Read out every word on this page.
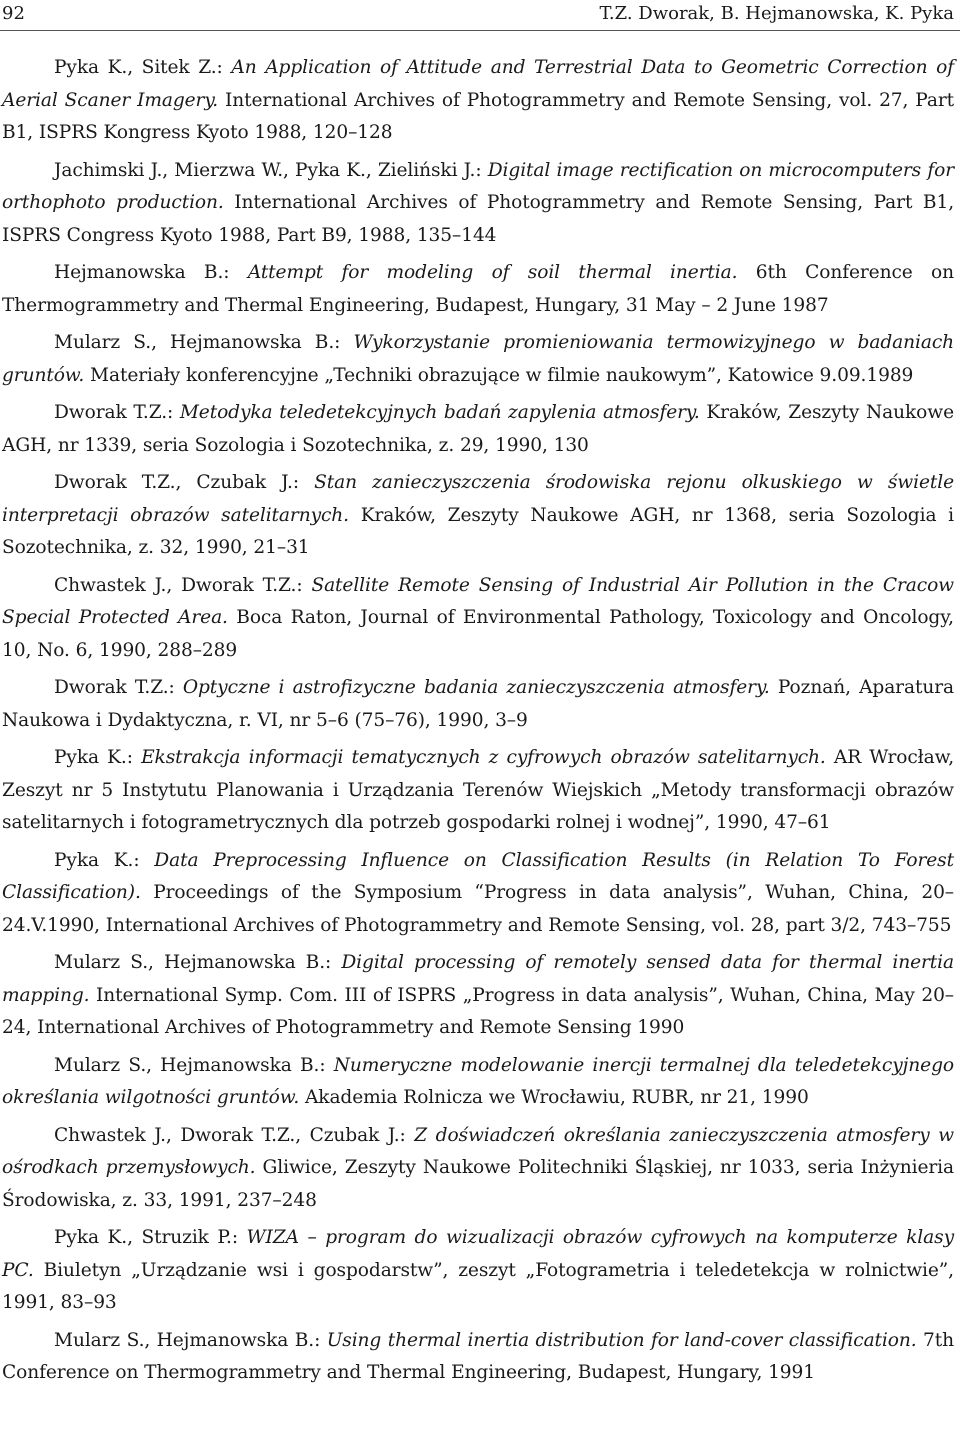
92	T.Z. Dworak, B. Hejmanowska, K. Pyka

Pyka K., Sitek Z.: An Application of Attitude and Terrestrial Data to Geometric Correction of Aerial Scaner Imagery. International Archives of Photogrammetry and Remote Sensing, vol. 27, Part B1, ISPRS Kongress Kyoto 1988, 120–128

Jachimski J., Mierzwa W., Pyka K., Zieliński J.: Digital image rectification on microcomputers for orthophoto production. International Archives of Photogrammetry and Remote Sensing, Part B1, ISPRS Congress Kyoto 1988, Part B9, 1988, 135–144

Hejmanowska B.: Attempt for modeling of soil thermal inertia. 6th Conference on Thermogrammetry and Thermal Engineering, Budapest, Hungary, 31 May – 2 June 1987

Mularz S., Hejmanowska B.: Wykorzystanie promieniowania termowizyjnego w badaniach gruntów. Materiały konferencyjne „Techniki obrazujące w filmie naukowym”, Katowice 9.09.1989

Dworak T.Z.: Metodyka teledetekcyjnych badań zapylenia atmosfery. Kraków, Zeszyty Naukowe AGH, nr 1339, seria Sozologia i Sozotechnika, z. 29, 1990, 130

Dworak T.Z., Czubak J.: Stan zanieczyszczenia środowiska rejonu olkuskiego w świetle interpretacji obrazów satelitarnych. Kraków, Zeszyty Naukowe AGH, nr 1368, seria Sozologia i Sozotechnika, z. 32, 1990, 21–31

Chwastek J., Dworak T.Z.: Satellite Remote Sensing of Industrial Air Pollution in the Cracow Special Protected Area. Boca Raton, Journal of Environmental Pathology, Toxicology and Oncology, 10, No. 6, 1990, 288–289

Dworak T.Z.: Optyczne i astrofizyczne badania zanieczyszczenia atmosfery. Poznań, Aparatura Naukowa i Dydaktyczna, r. VI, nr 5–6 (75–76), 1990, 3–9

Pyka K.: Ekstrakcja informacji tematycznych z cyfrowych obrazów satelitarnych. AR Wrocław, Zeszyt nr 5 Instytutu Planowania i Urządzania Terenów Wiejskich „Metody transformacji obrazów satelitarnych i fotogrametrycznych dla potrzeb gospodarki rolnej i wodnej”, 1990, 47–61

Pyka K.: Data Preprocessing Influence on Classification Results (in Relation To Forest Classification). Proceedings of the Symposium “Progress in data analysis”, Wuhan, China, 20–24.V.1990, International Archives of Photogrammetry and Remote Sensing, vol. 28, part 3/2, 743–755

Mularz S., Hejmanowska B.: Digital processing of remotely sensed data for thermal inertia mapping. International Symp. Com. III of ISPRS „Progress in data analysis”, Wuhan, China, May 20–24, International Archives of Photogrammetry and Remote Sensing 1990

Mularz S., Hejmanowska B.: Numeryczne modelowanie inercji termalnej dla teledetekcyjnego określania wilgotności gruntów. Akademia Rolnicza we Wrocławiu, RUBR, nr 21, 1990

Chwastek J., Dworak T.Z., Czubak J.: Z doświadczeń określania zanieczyszczenia atmosfery w ośrodkach przemysłowych. Gliwice, Zeszyty Naukowe Politechniki Śląskiej, nr 1033, seria Inżynieria Środowiska, z. 33, 1991, 237–248

Pyka K., Struzik P.: WIZA – program do wizualizacji obrazów cyfrowych na komputerze klasy PC. Biuletyn „Urządzanie wsi i gospodarstw”, zeszyt „Fotogrametria i teledetekcja w rolnictwie”, 1991, 83–93

Mularz S., Hejmanowska B.: Using thermal inertia distribution for land-cover classification. 7th Conference on Thermogrammetry and Thermal Engineering, Budapest, Hungary, 1991
